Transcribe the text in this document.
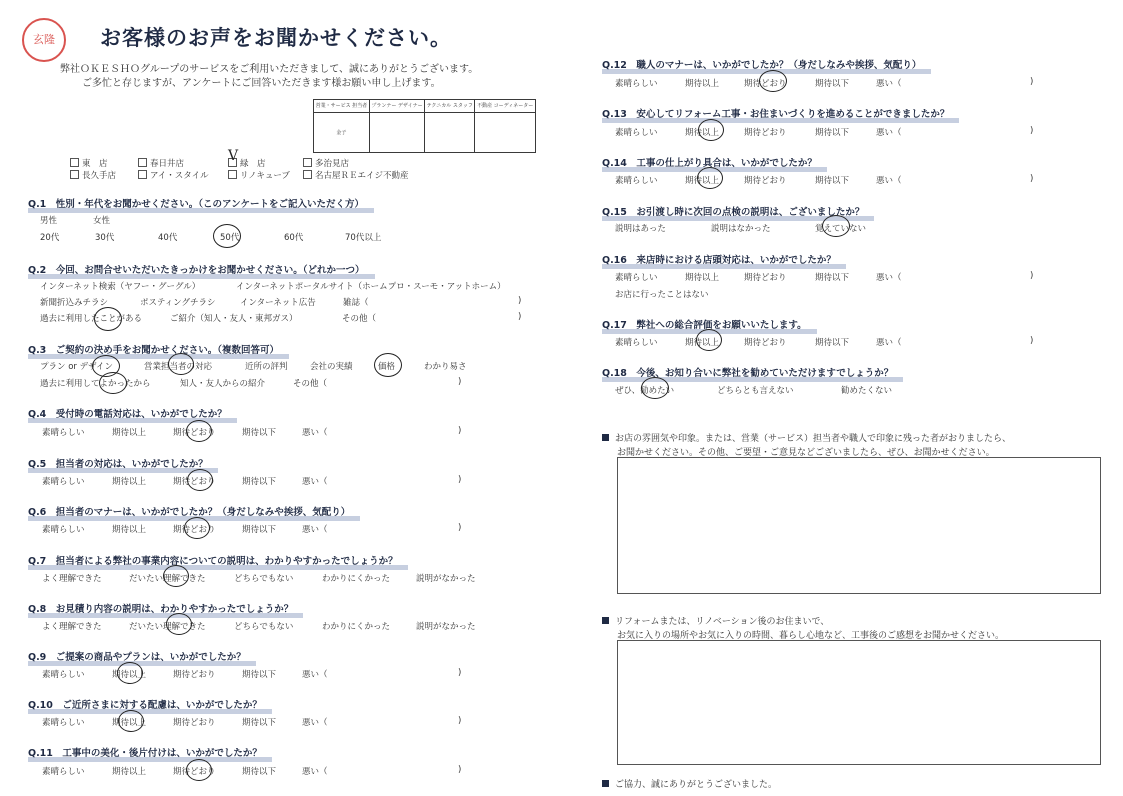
玄隆	お客様のお声をお聞かせください。
弊社ＯＫＥＳＨＯグループのサービスをご利用いただきまして、誠にありがとうございます。
ご多忙と存じますが、アンケートにご回答いただきます様お願い申し上げます。
営業・サービス 担当者	プランナー デザイナー	テクニカル スタッフ	不動産 コーディネーター
金子			
東　店	春日井店	V 緑　店	多治見店
長久手店	アイ・スタイル	リノキューブ	名古屋ＲＥエイジ不動産
Q.1　性別・年代をお聞かせください。（このアンケートをご記入いただく方）
男性	女性
20代	30代	40代	50代	60代	70代以上
Q.2　今回、お問合せいただいたきっかけをお聞かせください。（どれか一つ）
インターネット検索（ヤフー・グーグル）	インターネットポータルサイト（ホームプロ・スーモ・アットホーム）
新聞折込みチラシ	ポスティングチラシ	インターネット広告	雑誌（	)
過去に利用したことがある	ご紹介（知人・友人・東邦ガス）	その他（	)
Q.3　ご契約の決め手をお聞かせください。（複数回答可）
プラン or デザイン	営業担当者の対応	近所の評判	会社の実績	価格	わかり易さ
過去に利用してよかったから	知人・友人からの紹介	その他（	)
Q.4　受付時の電話対応は、いかがでしたか？
素晴らしい	期待以上	期待どおり	期待以下	悪い（	)
Q.5　担当者の対応は、いかがでしたか？
素晴らしい	期待以上	期待どおり	期待以下	悪い（	)
Q.6　担当者のマナーは、いかがでしたか？（身だしなみや挨拶、気配り）
素晴らしい	期待以上	期待どおり	期待以下	悪い（	)
Q.7　担当者による弊社の事業内容についての説明は、わかりやすかったでしょうか？
よく理解できた	だいたい理解できた	どちらでもない	わかりにくかった	説明がなかった
Q.8　お見積り内容の説明は、わかりやすかったでしょうか？
よく理解できた	だいたい理解できた	どちらでもない	わかりにくかった	説明がなかった
Q.9　ご提案の商品やプランは、いかがでしたか？
素晴らしい	期待以上	期待どおり	期待以下	悪い（	)
Q.10　ご近所さまに対する配慮は、いかがでしたか？
素晴らしい	期待以上	期待どおり	期待以下	悪い（	)
Q.11　工事中の美化・後片付けは、いかがでしたか？
素晴らしい	期待以上	期待どおり	期待以下	悪い（	)
Q.12　職人のマナーは、いかがでしたか？（身だしなみや挨拶、気配り）
素晴らしい	期待以上	期待どおり	期待以下	悪い（	)
Q.13　安心してリフォーム工事・お住まいづくりを進めることができましたか？
素晴らしい	期待以上	期待どおり	期待以下	悪い（	)
Q.14　工事の仕上がり具合は、いかがでしたか？
素晴らしい	期待以上	期待どおり	期待以下	悪い（	)
Q.15　お引渡し時に次回の点検の説明は、ございましたか？
説明はあった	説明はなかった	覚えていない
Q.16　来店時における店頭対応は、いかがでしたか？
素晴らしい	期待以上	期待どおり	期待以下	悪い（	)
お店に行ったことはない
Q.17　弊社への総合評価をお願いいたします。
素晴らしい	期待以上	期待どおり	期待以下	悪い（	)
Q.18　今後、お知り合いに弊社を勧めていただけますでしょうか？
ぜひ、勧めたい	どちらとも言えない	勧めたくない
お店の雰囲気や印象。または、営業（サービス）担当者や職人で印象に残った者がおりましたら、
お聞かせください。その他、ご要望・ご意見などございましたら、ぜひ、お聞かせください。
リフォームまたは、リノベーション後のお住まいで、
お気に入りの場所やお気に入りの時間、暮らし心地など、工事後のご感想をお聞かせください。
ご協力、誠にありがとうございました。
